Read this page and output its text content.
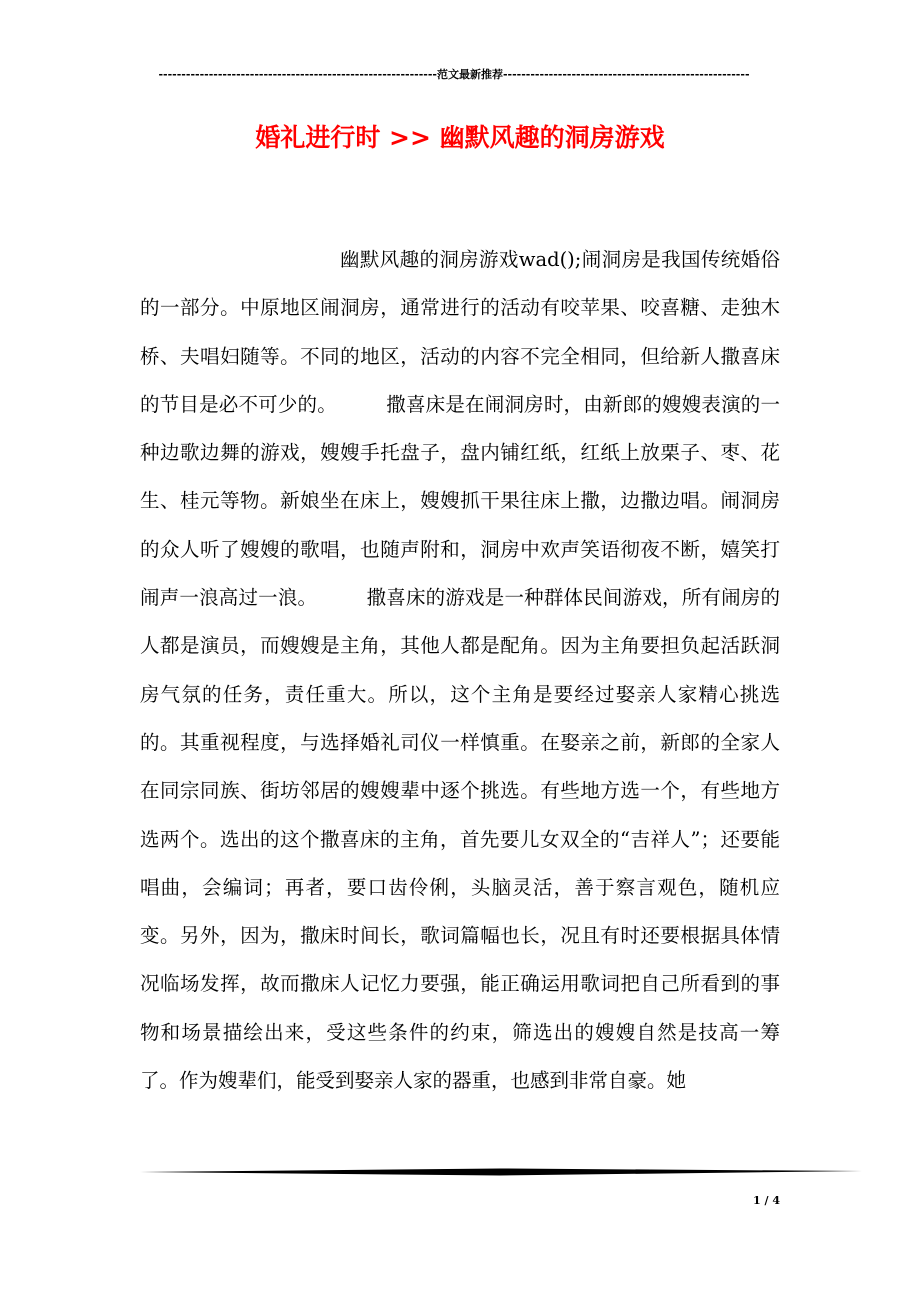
-------------------------------------------------------------范文最新推荐------------------------------------------------------
婚礼进行时 >> 幽默风趣的洞房游戏

幽默风趣的洞房游戏wad();闹洞房是我国传统婚俗的一部分。中原地区闹洞房，通常进行的活动有咬苹果、咬喜糖、走独木桥、夫唱妇随等。不同的地区，活动的内容不完全相同，但给新人撒喜床的节目是必不可少的。　　　撒喜床是在闹洞房时，由新郎的嫂嫂表演的一种边歌边舞的游戏，嫂嫂手托盘子，盘内铺红纸，红纸上放栗子、枣、花生、桂元等物。新娘坐在床上，嫂嫂抓干果往床上撒，边撒边唱。闹洞房的众人听了嫂嫂的歌唱，也随声附和，洞房中欢声笑语彻夜不断，嬉笑打闹声一浪高过一浪。　　　撒喜床的游戏是一种群体民间游戏，所有闹房的人都是演员，而嫂嫂是主角，其他人都是配角。因为主角要担负起活跃洞房气氛的任务，责任重大。所以，这个主角是要经过娶亲人家精心挑选的。其重视程度，与选择婚礼司仪一样慎重。在娶亲之前，新郎的全家人在同宗同族、街坊邻居的嫂嫂辈中逐个挑选。有些地方选一个，有些地方选两个。选出的这个撒喜床的主角，首先要儿女双全的“吉祥人”；还要能唱曲，会编词；再者，要口齿伶俐，头脑灵活，善于察言观色，随机应变。另外，因为，撒床时间长，歌词篇幅也长，况且有时还要根据具体情况临场发挥，故而撒床人记忆力要强，能正确运用歌词把自己所看到的事物和场景描绘出来，受这些条件的约束，筛选出的嫂嫂自然是技高一筹了。作为嫂辈们，能受到娶亲人家的器重，也感到非常自豪。她

1 / 4
